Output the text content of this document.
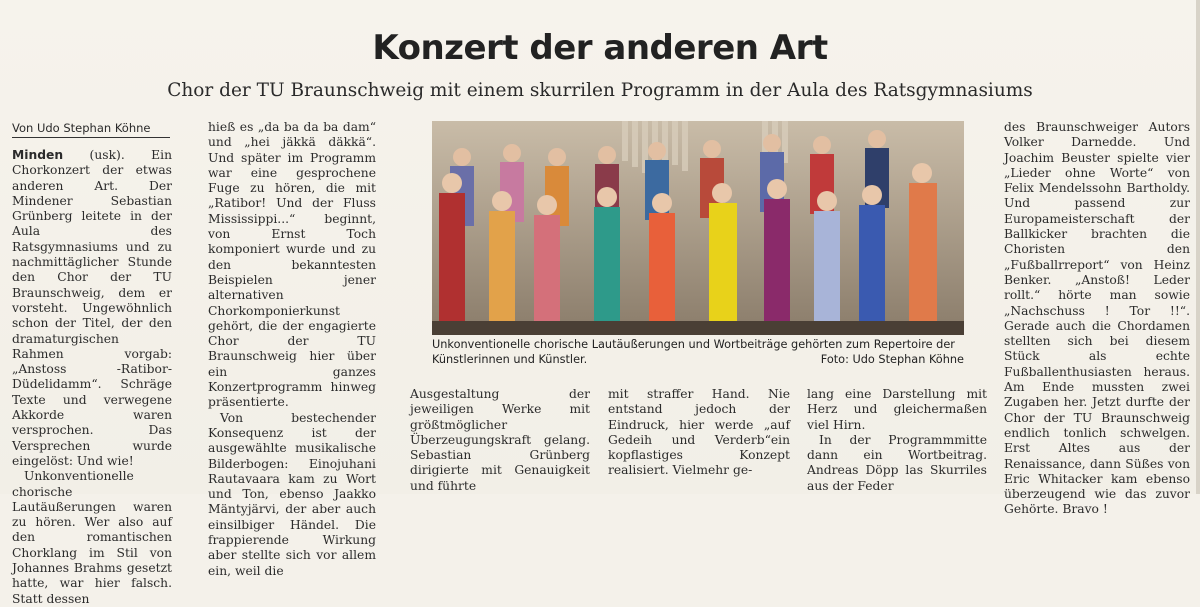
Konzert der anderen Art
Chor der TU Braunschweig mit einem skurrilen Programm in der Aula des Ratsgymnasiums
Von Udo Stephan Köhne

Minden (usk). Ein Chorkonzert der etwas anderen Art. Der Mindener Sebastian Grünberg leitete in der Aula des Ratsgymnasiums und zu nachmittäglicher Stunde den Chor der TU Braunschweig, dem er vorsteht. Ungewöhnlich schon der Titel, der den dramaturgischen Rahmen vorgab: „Anstoss -Ratibor-Düdelidamm“. Schräge Texte und verwegene Akkorde waren versprochen. Das Versprechen wurde eingelöst: Und wie!

Unkonventionelle chorische Lautäußerungen waren zu hören. Wer also auf den romantischen Chorklang im Stil von Johannes Brahms gesetzt hatte, war hier falsch. Statt dessen

hieß es „da ba da ba dam“ und „hei jäkkä däkkä“. Und später im Programm war eine gesprochene Fuge zu hören, die mit „Ratibor! Und der Fluss Mississippi...“ beginnt, von Ernst Toch komponiert wurde und zu den bekanntesten Beispielen jener alternativen Chorkomponierkunst gehört, die der engagierte Chor der TU Braunschweig hier über ein ganzes Konzertprogramm hinweg präsentierte.

Von bestechender Konsequenz ist der ausgewählte musikalische Bilderbogen: Einojuhani Rautavaara kam zu Wort und Ton, ebenso Jaakko Mäntyjärvi, der aber auch einsilbiger Händel. Die frappierende Wirkung aber stellte sich vor allem ein, weil die

Ausgestaltung der jeweiligen Werke mit größtmöglicher Überzeugungskraft gelang. Sebastian Grünberg dirigierte mit Genauigkeit und führte

mit straffer Hand. Nie entstand jedoch der Eindruck, hier werde „auf Gedeih und Verderb“ein kopflastiges Konzept realisiert. Vielmehr ge-

lang eine Darstellung mit Herz und gleichermaßen viel Hirn.

In der Programmmitte dann ein Wortbeitrag. Andreas Döpp las Skurriles aus der Feder

des Braunschweiger Autors Volker Darnedde. Und Joachim Beuster spielte vier „Lieder ohne Worte“ von Felix Mendelssohn Bartholdy. Und passend zur Europameisterschaft der Ballkicker brachten die Choristen den „Fußballrreport“ von Heinz Benker. „Anstoß! Leder rollt.“ hörte man sowie „Nachschuss ! Tor !!“. Gerade auch die Chordamen stellten sich bei diesem Stück als echte Fußballenthusiasten heraus. Am Ende mussten zwei Zugaben her. Jetzt durfte der Chor der TU Braunschweig endlich tonlich schwelgen. Erst Altes aus der Renaissance, dann Süßes von Eric Whitacker kam ebenso überzeugend wie das zuvor Gehörte. Bravo !

Unkonventionelle chorische Lautäußerungen und Wortbeiträge gehörten zum Repertoire der Künstlerinnen und Künstler.	Foto: Udo Stephan Köhne
